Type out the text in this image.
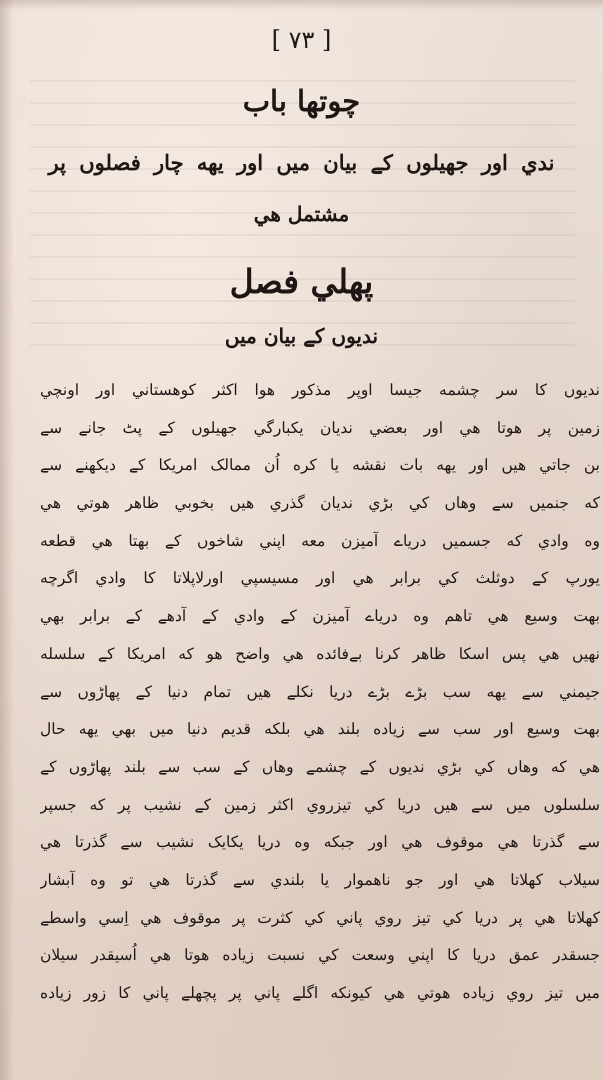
[ ۷۳ ]
چوتھا باب
ندي اور جھيلوں کے بيان ميں اور يهه چار فصلوں پر
مشتمل هي
پهلي فصل
نديوں کے بيان ميں
نديوں کا سر چشمه جيسا اوپر مذکور هوا اکثر کوهستاني اور اونچي
زمين پر هوتا هي اور بعضي نديان يکبارگي جهيلوں کے پٹ جانے سے
بن جاتي هيں اور يهه بات نقشه يا کره اُن ممالک امريکا کے ديکهنے سے
که جنميں سے وهاں کي بڑي نديان گذري هيں بخوبي ظاهر هوتي هي
وه وادي که جسميں درياے آميزن معه اپني شاخوں کے بهتا هي قطعه
يورپ کے دوثلث کي برابر هي اور مسيسپي اورلاپلاتا کا وادي اگرچه
بهت وسيع هي تاهم وه درياے آميزن کے وادي کے آدهے کے برابر بهي
نهيں هي پس اسکا ظاهر کرنا بےفائده هي واضح هو که امريکا کے سلسله
جيمني سے يهه سب بڑے بڑے دريا نکلے هيں تمام دنيا کے پهاڑوں سے
بهت وسيع اور سب سے زياده بلند هي بلکه قديم دنيا ميں بهي يهه حال
هي که وهاں کي بڑي نديوں کے چشمے وهاں کے سب سے بلند پهاڑوں کے
سلسلوں ميں سے هيں دريا کي تيزروي اکثر زمين کے نشيب پر که جسپر
سے گذرتا هي موقوف هي اور جبکه وه دريا يکايک نشيب سے گذرتا هي
سيلاب کهلاتا هي اور جو ناهموار يا بلندي سے گذرتا هي تو وه آبشار
کهلاتا هي پر دريا کي تيز روي پاني کي کثرت پر موقوف هي اِسي واسطے
جسقدر عمق دريا کا اپني وسعت کي نسبت زياده هوتا هي اُسيقدر سيلان
ميں تيز روي زياده هوتي هي کيونکه اگلے پاني پر پچهلے پاني کا زور زياده
